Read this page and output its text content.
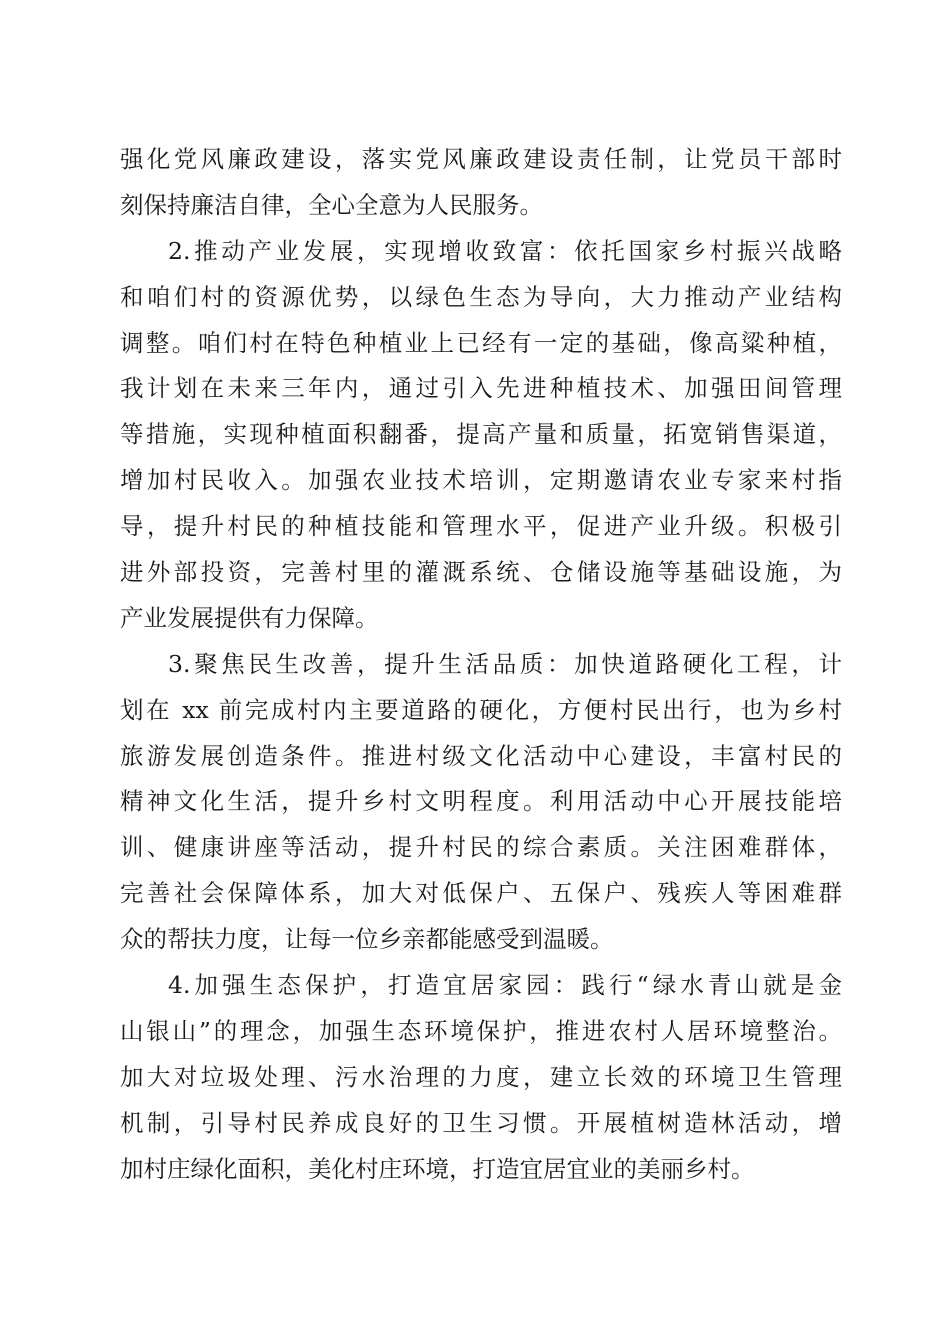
强化党风廉政建设，落实党风廉政建设责任制，让党员干部时
刻保持廉洁自律，全心全意为人民服务。
2.推动产业发展，实现增收致富：依托国家乡村振兴战略
和咱们村的资源优势，以绿色生态为导向，大力推动产业结构
调整。咱们村在特色种植业上已经有一定的基础，像高粱种植，
我计划在未来三年内，通过引入先进种植技术、加强田间管理
等措施，实现种植面积翻番，提高产量和质量，拓宽销售渠道，
增加村民收入。加强农业技术培训，定期邀请农业专家来村指
导，提升村民的种植技能和管理水平，促进产业升级。积极引
进外部投资，完善村里的灌溉系统、仓储设施等基础设施，为
产业发展提供有力保障。
3.聚焦民生改善，提升生活品质：加快道路硬化工程，计
划在 xx 前完成村内主要道路的硬化，方便村民出行，也为乡村
旅游发展创造条件。推进村级文化活动中心建设，丰富村民的
精神文化生活，提升乡村文明程度。利用活动中心开展技能培
训、健康讲座等活动，提升村民的综合素质。关注困难群体，
完善社会保障体系，加大对低保户、五保户、残疾人等困难群
众的帮扶力度，让每一位乡亲都能感受到温暖。
4.加强生态保护，打造宜居家园：践行“绿水青山就是金
山银山”的理念，加强生态环境保护，推进农村人居环境整治。
加大对垃圾处理、污水治理的力度，建立长效的环境卫生管理
机制，引导村民养成良好的卫生习惯。开展植树造林活动，增
加村庄绿化面积，美化村庄环境，打造宜居宜业的美丽乡村。
